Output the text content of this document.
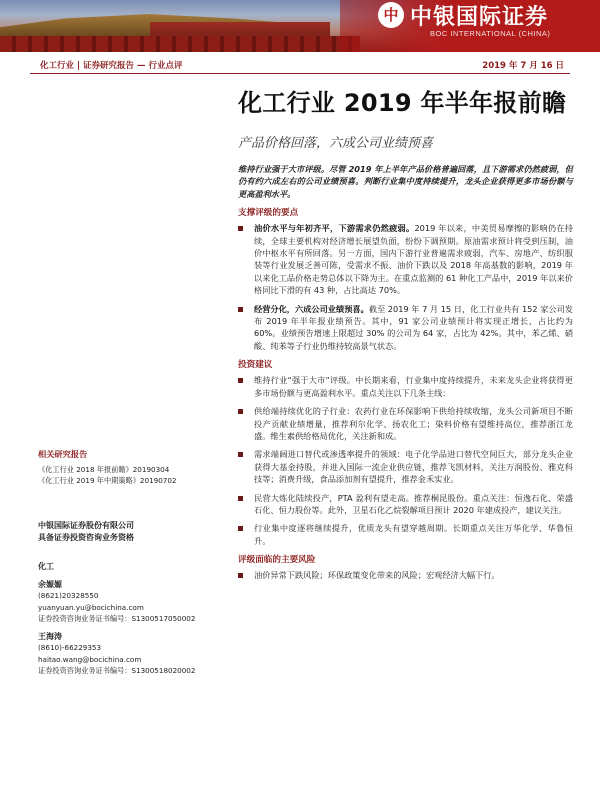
中 中银国际证券
BOC INTERNATIONAL (CHINA)
化工行业 | 证券研究报告 — 行业点评	2019 年 7 月 16 日
化工行业 2019 年半年报前瞻
产品价格回落，六成公司业绩预喜

维持行业强于大市评级。尽管 2019 年上半年产品价格普遍回落，且下游需求仍然疲弱，但仍有约六成左右的公司业绩预喜。判断行业集中度持续提升，龙头企业获得更多市场份额与更高盈利水平。

支撑评级的要点
油价水平与年初齐平，下游需求仍然疲弱。2019 年以来，中美贸易摩擦的影响仍在持续，全球主要机构对经济增长展望负面，纷纷下调预期。原油需求预计将受到压制，油价中枢水平有所回落。另一方面，国内下游行业普遍需求疲弱，汽车、房地产、纺织服装等行业发展乏善可陈，受需求不振、油价下跌以及 2018 年高基数的影响，2019 年以来化工品价格走势总体以下降为主。在重点监测的 61 种化工产品中，2019 年以来价格同比下滑的有 43 种，占比高达 70%。
经营分化，六成公司业绩预喜。截至 2019 年 7 月 15 日，化工行业共有 152 家公司发布 2019 年半年报业绩预告。其中，91 家公司业绩预计将实现正增长，占比约为 60%。业绩预告增速上限超过 30% 的公司为 64 家，占比为 42%。其中，苯乙烯、硝酸、纯苯等子行业仍维持较高景气状态。
投资建议
维持行业“强于大市”评级。中长期来看，行业集中度持续提升，未来龙头企业将获得更多市场份额与更高盈利水平。重点关注以下几条主线：
供给端持续优化的子行业：农药行业在环保影响下供给持续收缩，龙头公司新项目不断投产贡献业绩增量，推荐利尔化学、扬农化工；染料价格有望维持高位，推荐浙江龙盛。维生素供给格局优化，关注新和成。
需求端阔进口替代或渗透率提升的领域：电子化学品进口替代空间巨大，部分龙头企业获得大基金持股，并进入国际一流企业供应链，推荐飞凯材料，关注万润股份、雅克科技等；消费升级，食品添加剂有望提升，推荐金禾实业。
民营大炼化陆续投产，PTA 盈利有望走高。推荐桐昆股份。重点关注：恒逸石化、荣盛石化、恒力股份等。此外，卫星石化乙烷裂解项目预计 2020 年建成投产，建议关注。
行业集中度逐将继续提升，优质龙头有望穿越周期。长期重点关注万华化学、华鲁恒升。
评级面临的主要风险
油价异常下跌风险；环保政策变化带来的风险；宏观经济大幅下行。

相关研究报告

《化工行业 2018 年报前瞻》20190304

《化工行业 2019 年中期策略》20190702

中银国际证券股份有限公司

具备证券投资咨询业务资格

化工

余嫄嫄

(8621)20328550

yuanyuan.yu@bocichina.com

证券投资咨询业务证书编号：S1300517050002

王海涛

(8610)-66229353

haitao.wang@bocichina.com

证券投资咨询业务证书编号：S1300518020002
